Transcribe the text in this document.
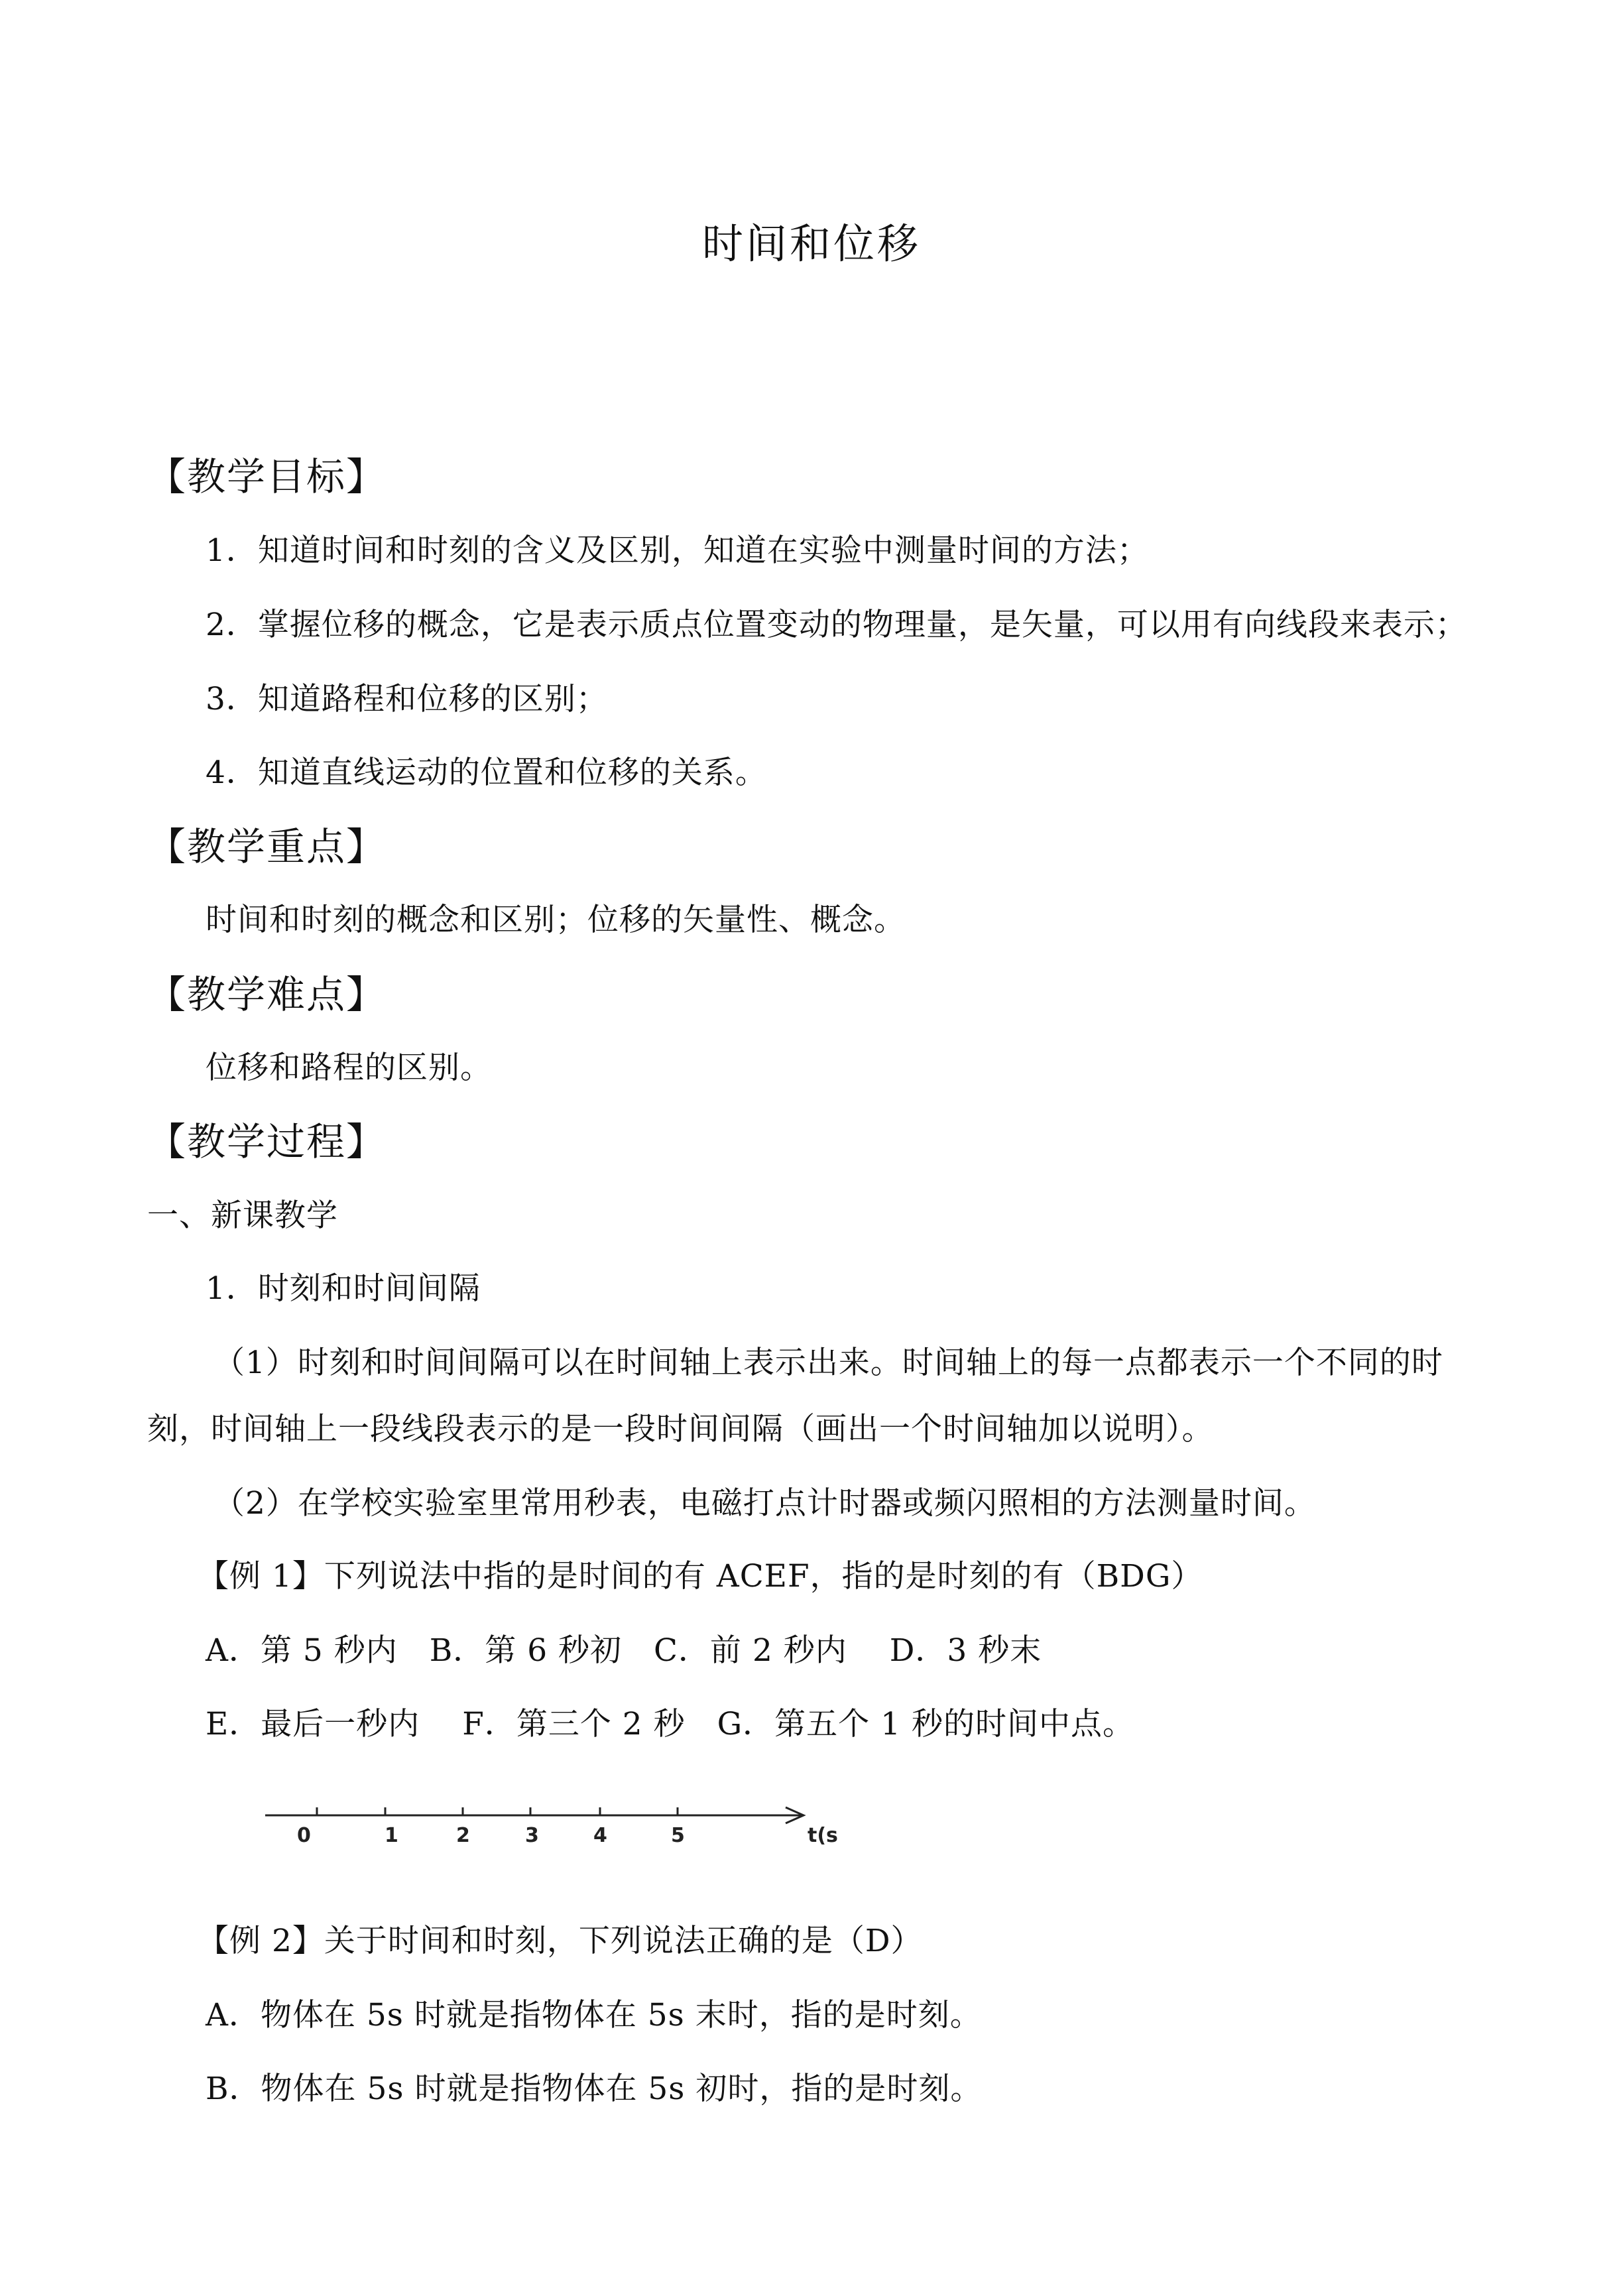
时间和位移
【教学目标】
1．知道时间和时刻的含义及区别，知道在实验中测量时间的方法；
2．掌握位移的概念，它是表示质点位置变动的物理量，是矢量，可以用有向线段来表示；
3．知道路程和位移的区别；
4．知道直线运动的位置和位移的关系。
【教学重点】
时间和时刻的概念和区别；位移的矢量性、概念。
【教学难点】
位移和路程的区别。
【教学过程】
一、新课教学
1．时刻和时间间隔
（1）时刻和时间间隔可以在时间轴上表示出来。时间轴上的每一点都表示一个不同的时
刻，时间轴上一段线段表示的是一段时间间隔（画出一个时间轴加以说明）。
（2）在学校实验室里常用秒表，电磁打点计时器或频闪照相的方法测量时间。
【例 1】下列说法中指的是时间的有 ACEF，指的是时刻的有（BDG）
A．第 5 秒内　B．第 6 秒初　C．前 2 秒内　 D．3 秒末
E．最后一秒内　 F．第三个 2 秒　G．第五个 1 秒的时间中点。
0	1	2	3	4	5	t(s
【例 2】关于时间和时刻，下列说法正确的是（D）
A．物体在 5s 时就是指物体在 5s 末时，指的是时刻。
B．物体在 5s 时就是指物体在 5s 初时，指的是时刻。
